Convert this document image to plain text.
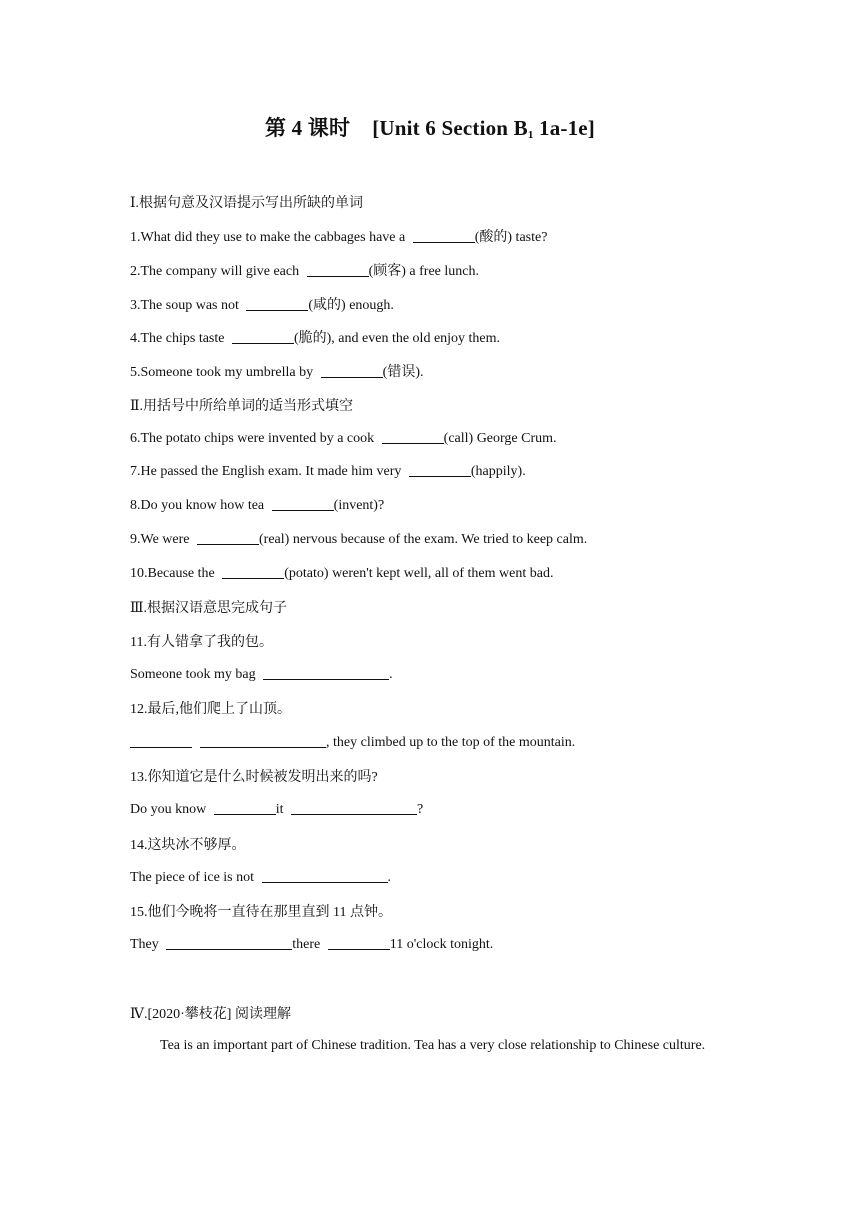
第 4 课时 [Unit 6 Section $B_1$ 1a-1e]
Ⅰ.根据句意及汉语提示写出所缺的单词
1.What did they use to make the cabbages have a	(酸的) taste?
2.The company will give each	(顾客) a free lunch.
3.The soup was not	(咸的) enough.
4.The chips taste	(脆的), and even the old enjoy them.
5.Someone took my umbrella by	(错误).
Ⅱ.用括号中所给单词的适当形式填空
6.The potato chips were invented by a cook	(call) George Crum.
7.He passed the English exam. It made him very	(happily).
8.Do you know how tea	(invent)?
9.We were	(real) nervous because of the exam. We tried to keep calm.
10.Because the	(potato) weren't kept well, all of them went bad.
Ⅲ.根据汉语意思完成句子
11.有人错拿了我的包。
Someone took my bag	.
12.最后,他们爬上了山顶。
, they climbed up to the top of the mountain.
13.你知道它是什么时候被发明出来的吗?
Do you know	it	?
14.这块冰不够厚。
The piece of ice is not	.
15.他们今晚将一直待在那里直到 11 点钟。
They	there	11 o'clock tonight.
Ⅳ.[2020·攀枝花] 阅读理解
Tea is an important part of Chinese tradition. Tea has a very close relationship to Chinese culture.
